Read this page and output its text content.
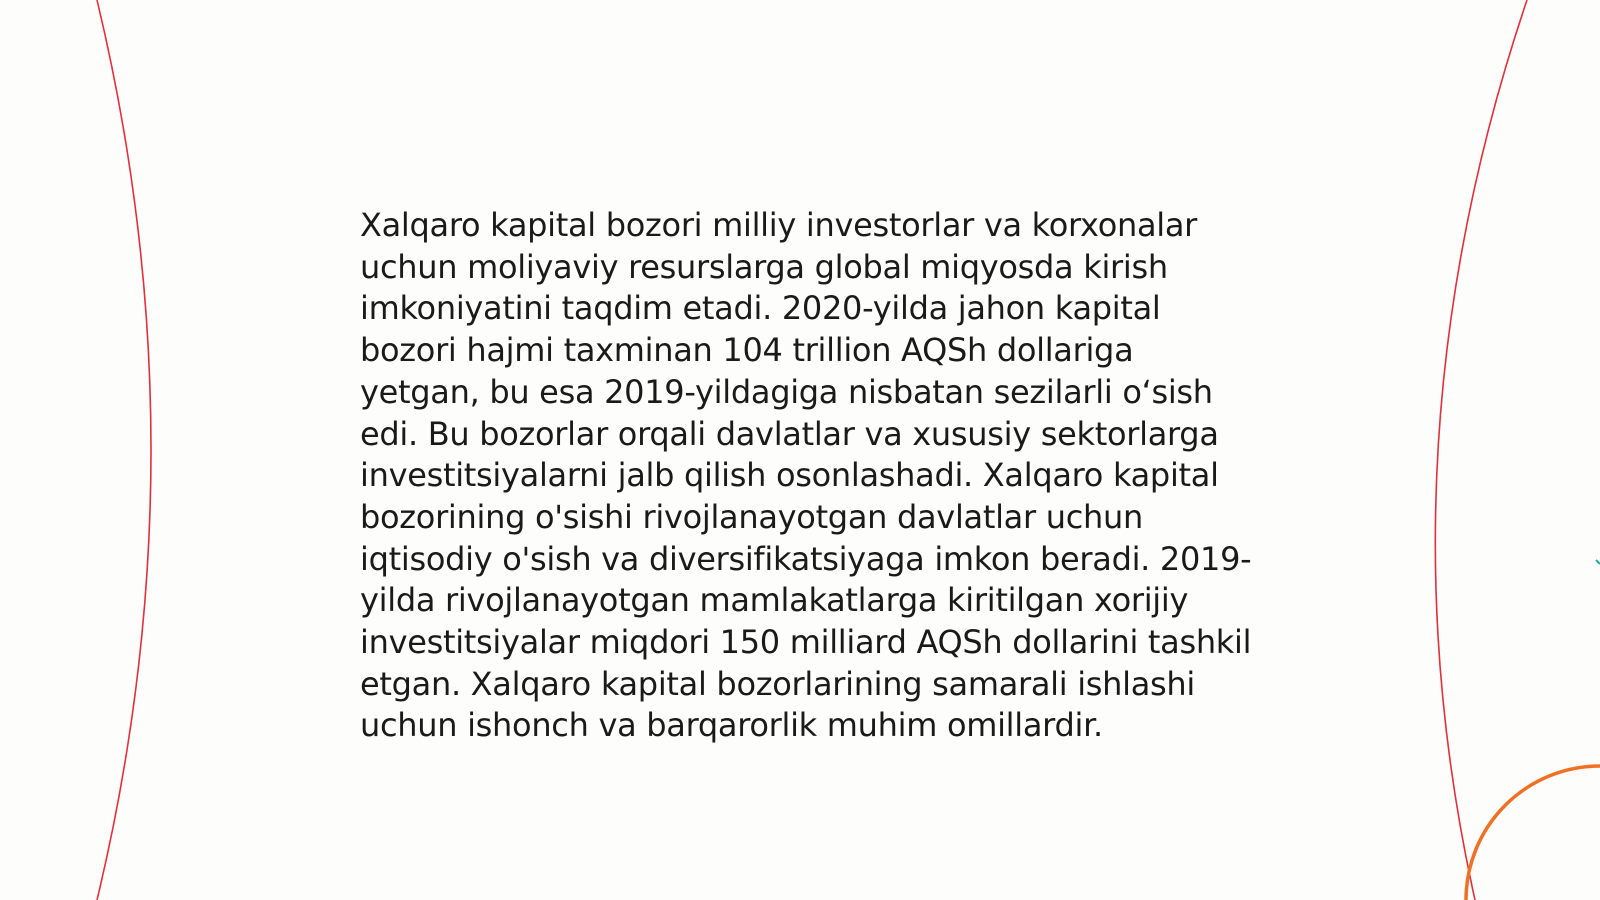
Xalqaro kapital bozori milliy investorlar va korxonalar uchun moliyaviy resurslarga global miqyosda kirish imkoniyatini taqdim etadi. 2020-yilda jahon kapital bozori hajmi taxminan 104 trillion AQSh dollariga yetgan, bu esa 2019-yildagiga nisbatan sezilarli o‘sish edi. Bu bozorlar orqali davlatlar va xususiy sektorlarga investitsiyalarni jalb qilish osonlashadi. Xalqaro kapital bozorining o'sishi rivojlanayotgan davlatlar uchun iqtisodiy o'sish va diversifikatsiyaga imkon beradi. 2019-yilda rivojlanayotgan mamlakatlarga kiritilgan xorijiy investitsiyalar miqdori 150 milliard AQSh dollarini tashkil etgan. Xalqaro kapital bozorlarining samarali ishlashi uchun ishonch va barqarorlik muhim omillardir.
